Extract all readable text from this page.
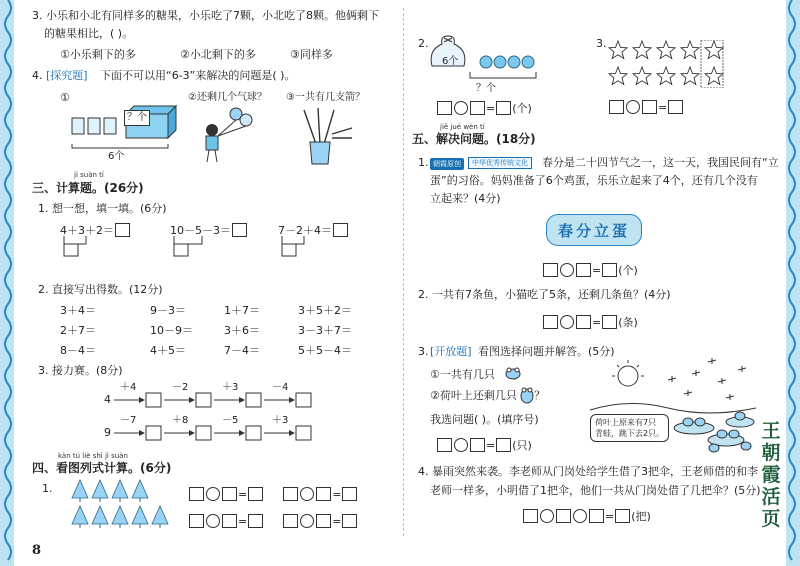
3. 小乐和小北有同样多的糖果，小乐吃了7颗，小北吃了8颗。他俩剩下
的糖果相比，( )。
①小乐剩下的多	②小北剩下的多	③同样多
4. [探究题] 下面不可以用“6-3”来解决的问题是( )。
①
？个
6个
②还剩几个气球？ ③一共有几支箭？
jì suàn tí
三、计算题。(26分)
1. 想一想，填一填。(6分)
4＋3＋2＝	10－5－3＝	7－2＋4＝
2. 直接写出得数。(12分)
3＋4＝	9－3＝	1＋7＝	3＋5＋2＝
2＋7＝	10－9＝	3＋6＝	3－3＋7＝
8－4＝	4＋5＝	7－4＝	5＋5－4＝
3. 接力赛。(8分)
4
＋4	－2	＋3	－4
9
－7	＋8	－5	＋3
kàn tú liè shì jì suàn
四、看图列式计算。(6分)
1.	=	=
=	=
8
2.
6个
？个
= (个)
3.
=
jiě jué wèn tí
五、解决问题。(18分)
1. 朝霞原创	中华优秀传统文化	春分是二十四节气之一，这一天，我国民间有“立
蛋”的习俗。妈妈准备了6个鸡蛋，乐乐立起来了4个，还有几个没有
立起来？(4分)
春分立蛋
= (个)
2. 一共有7条鱼，小猫吃了5条，还剩几条鱼？(4分)
= (条)
3. [开放题] 看图选择问题并解答。(5分)
①一共有几只
②荷叶上还剩几只 ？
我选问题( )。(填序号)
= (只)
荷叶上原来有7只
青蛙，跳下去2只。
4. 暴雨突然来袭。李老师从门岗处给学生借了3把伞，王老师借的和李
老师一样多，小明借了1把伞，他们一共从门岗处借了几把伞？(5分)
= (把)
王朝霞活页
